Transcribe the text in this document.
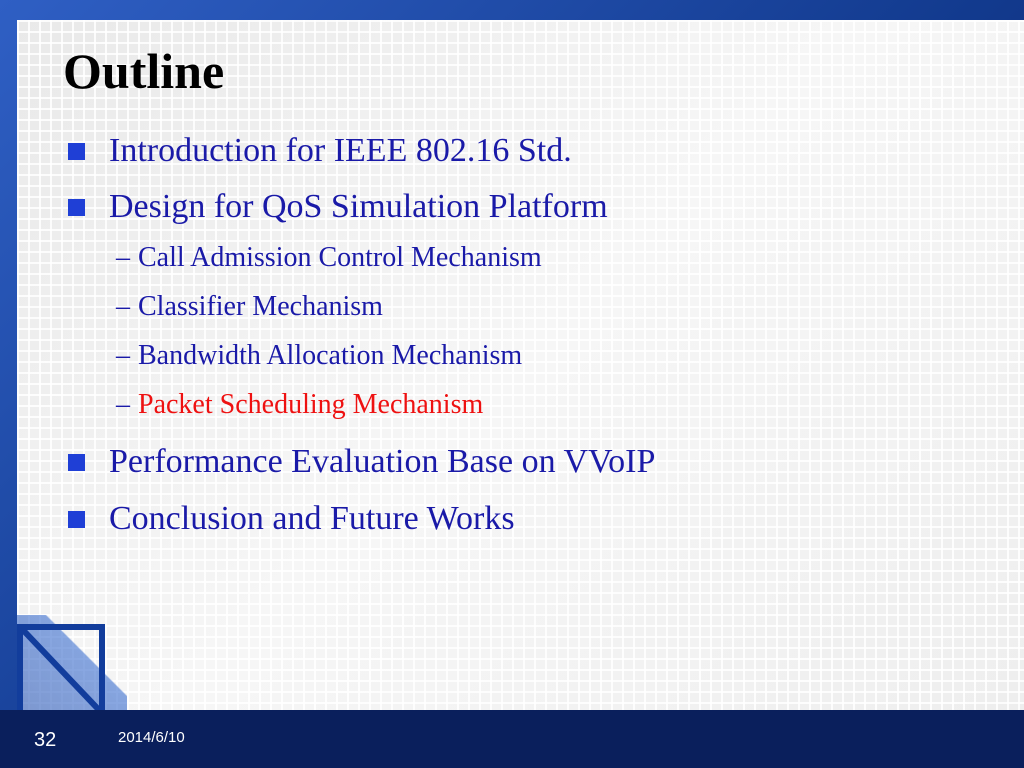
Outline
Introduction for IEEE 802.16 Std.
Design for QoS Simulation Platform
– Call Admission Control Mechanism
– Classifier Mechanism
– Bandwidth Allocation Mechanism
– Packet Scheduling Mechanism
Performance Evaluation Base on VVoIP
Conclusion and Future Works
32	2014/6/10
